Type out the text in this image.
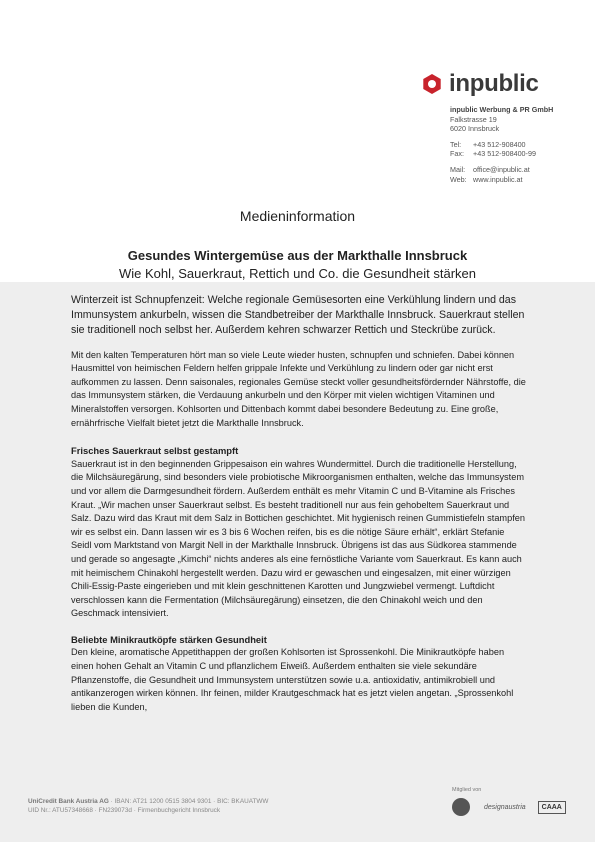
inpublic
inpublic Werbung & PR GmbH
Falkstrasse 19
6020 Innsbruck
Tel:	+43 512-908400
Fax:	+43 512-908400-99
Mail:	office@inpublic.at
Web: www.inpublic.at
Medieninformation
Gesundes Wintergemüse aus der Markthalle Innsbruck
Wie Kohl, Sauerkraut, Rettich und Co. die Gesundheit stärken

Winterzeit ist Schnupfenzeit: Welche regionale Gemüsesorten eine Verkühlung lindern und das Immunsystem ankurbeln, wissen die Standbetreiber der Markthalle Innsbruck. Sauerkraut stellen sie traditionell noch selbst her. Außerdem kehren schwarzer Rettich und Steckrübe zurück.

Mit den kalten Temperaturen hört man so viele Leute wieder husten, schnupfen und schniefen. Dabei können Hausmittel von heimischen Feldern helfen grippale Infekte und Verkühlung zu lindern oder gar nicht erst aufkommen zu lassen. Denn saisonales, regionales Gemüse steckt voller gesundheitsfördernder Nährstoffe, die das Immunsystem stärken, die Verdauung ankurbeln und den Körper mit vielen wichtigen Vitaminen und Mineralstoffen versorgen. Kohlsorten und Dittenbach kommt dabei besondere Bedeutung zu. Eine große, ernährfrische Vielfalt bietet jetzt die Markthalle Innsbruck.

Frisches Sauerkraut selbst gestampft

Sauerkraut ist in den beginnenden Grippesaison ein wahres Wundermittel. Durch die traditionelle Herstellung, die Milchsäuregärung, sind besonders viele probiotische Mikroorganismen enthalten, welche das Immunsystem und vor allem die Darmgesundheit fördern. Außerdem enthält es mehr Vitamin C und B-Vitamine als Frisches Kraut. „Wir machen unser Sauerkraut selbst. Es besteht traditionell nur aus fein gehobeltem Sauerkraut und Salz. Dazu wird das Kraut mit dem Salz in Bottichen geschichtet. Mit hygienisch reinen Gummistiefeln stampfen wir es selbst ein. Dann lassen wir es 3 bis 6 Wochen reifen, bis es die nötige Säure erhält“, erklärt Stefanie Seidl vom Marktstand von Margit Nell in der Markthalle Innsbruck. Übrigens ist das aus Südkorea stammende und gerade so angesagte „Kimchi“ nichts anderes als eine fernöstliche Variante vom Sauerkraut. Es kann auch mit heimischem Chinakohl hergestellt werden. Dazu wird er gewaschen und eingesalzen, mit einer würzigen Chili-Essig-Paste eingerieben und mit klein geschnittenen Karotten und Jungzwiebel vermengt. Luftdicht verschlossen kann die Fermentation (Milchsäuregärung) einsetzen, die den Chinakohl weich und den Geschmack intensiviert.

Beliebte Minikrautköpfe stärken Gesundheit

Den kleine, aromatische Appetithappen der großen Kohlsorten ist Sprossenkohl. Die Minikrautköpfe haben einen hohen Gehalt an Vitamin C und pflanzlichem Eiweiß. Außerdem enthalten sie viele sekundäre Pflanzenstoffe, die Gesundheit und Immunsystem unterstützen sowie u.a. antioxidativ, antimikrobiell und antikanzerogen wirken können. Ihr feinen, milder Krautgeschmack hat es jetzt vielen angetan. „Sprossenkohl lieben die Kunden,

UniCredit Bank Austria AG · IBAN: AT21 1200 0515 3804 9301 · BIC: BKAUATWW
UID Nr.: ATU57348668 · FN239073d · Firmenbuchgericht Innsbruck
Mitglied von
designaustria	CAAA
